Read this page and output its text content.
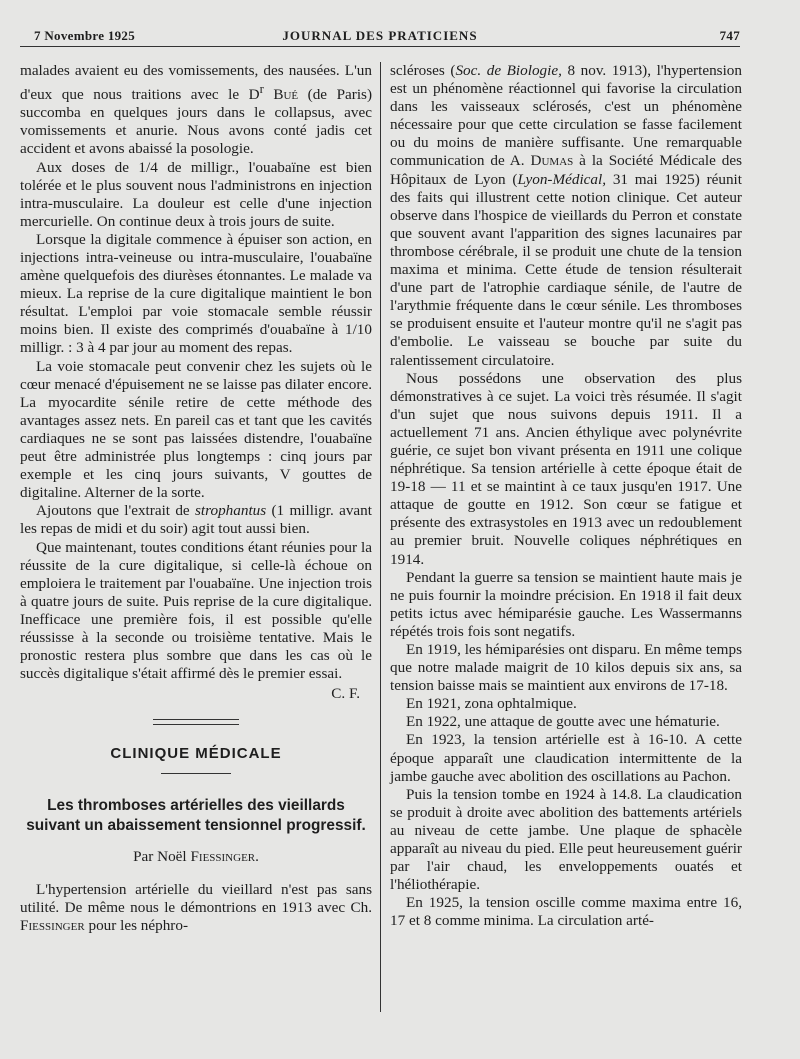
7 Novembre 1925	JOURNAL DES PRATICIENS	747

malades avaient eu des vomissements, des nausées. L'un d'eux que nous traitions avec le $D^r$ Bué (de Paris) succomba en quelques jours dans le collapsus, avec vomissements et anurie. Nous avons conté jadis cet accident et avons abaissé la posologie.

Aux doses de 1/4 de milligr., l'ouabaïne est bien tolérée et le plus souvent nous l'administrons en injection intra-musculaire. La douleur est celle d'une injection mercurielle. On continue deux à trois jours de suite.

Lorsque la digitale commence à épuiser son action, en injections intra-veineuse ou intra-musculaire, l'ouabaïne amène quelquefois des diurèses étonnantes. Le malade va mieux. La reprise de la cure digitalique maintient le bon résultat. L'emploi par voie stomacale semble réussir moins bien. Il existe des comprimés d'ouabaïne à 1/10 milligr. : 3 à 4 par jour au moment des repas.

La voie stomacale peut convenir chez les sujets où le cœur menacé d'épuisement ne se laisse pas dilater encore. La myocardite sénile retire de cette méthode des avantages assez nets. En pareil cas et tant que les cavités cardiaques ne se sont pas laissées distendre, l'ouabaïne peut être administrée plus longtemps : cinq jours par exemple et les cinq jours suivants, V gouttes de digitaline. Alterner de la sorte.

Ajoutons que l'extrait de strophantus (1 milligr. avant les repas de midi et du soir) agit tout aussi bien.

Que maintenant, toutes conditions étant réunies pour la réussite de la cure digitalique, si celle-là échoue on emploiera le traitement par l'ouabaïne. Une injection trois à quatre jours de suite. Puis reprise de la cure digitalique. Inefficace une première fois, il est possible qu'elle réussisse à la seconde ou troisième tentative. Mais le pronostic restera plus sombre que dans les cas où le succès digitalique s'était affirmé dès le premier essai.

C. F.
CLINIQUE MÉDICALE
Les thromboses artérielles des vieillards suivant un abaissement tensionnel progressif.
Par Noël Fiessinger.

L'hypertension artérielle du vieillard n'est pas sans utilité. De même nous le démontrions en 1913 avec Ch. Fiessinger pour les néphro-

scléroses (Soc. de Biologie, 8 nov. 1913), l'hypertension est un phénomène réactionnel qui favorise la circulation dans les vaisseaux sclérosés, c'est un phénomène nécessaire pour que cette circulation se fasse facilement ou du moins de manière suffisante. Une remarquable communication de A. Dumas à la Société Médicale des Hôpitaux de Lyon (Lyon-Médical, 31 mai 1925) réunit des faits qui illustrent cette notion clinique. Cet auteur observe dans l'hospice de vieillards du Perron et constate que souvent avant l'apparition des signes lacunaires par thrombose cérébrale, il se produit une chute de la tension maxima et minima. Cette étude de tension résulterait d'une part de l'atrophie cardiaque sénile, de l'autre de l'arythmie fréquente dans le cœur sénile. Les thromboses se produisent ensuite et l'auteur montre qu'il ne s'agit pas d'embolie. Le vaisseau se bouche par suite du ralentissement circulatoire.

Nous possédons une observation des plus démonstratives à ce sujet. La voici très résumée. Il s'agit d'un sujet que nous suivons depuis 1911. Il a actuellement 71 ans. Ancien éthylique avec polynévrite guérie, ce sujet bon vivant présenta en 1911 une colique néphrétique. Sa tension artérielle à cette époque était de 19-18 — 11 et se maintint à ce taux jusqu'en 1917. Une attaque de goutte en 1912. Son cœur se fatigue et présente des extrasystoles en 1913 avec un redoublement au premier bruit. Nouvelle coliques néphrétiques en 1914.

Pendant la guerre sa tension se maintient haute mais je ne puis fournir la moindre précision. En 1918 il fait deux petits ictus avec hémiparésie gauche. Les Wassermanns répétés trois fois sont negatifs.

En 1919, les hémiparésies ont disparu. En même temps que notre malade maigrit de 10 kilos depuis six ans, sa tension baisse mais se maintient aux environs de 17-18.

En 1921, zona ophtalmique.

En 1922, une attaque de goutte avec une hématurie.

En 1923, la tension artérielle est à 16-10. A cette époque apparaît une claudication intermittente de la jambe gauche avec abolition des oscillations au Pachon.

Puis la tension tombe en 1924 à 14.8. La claudication se produit à droite avec abolition des battements artériels au niveau de cette jambe. Une plaque de sphacèle apparaît au niveau du pied. Elle peut heureusement guérir par l'air chaud, les enveloppements ouatés et l'héliothérapie.

En 1925, la tension oscille comme maxima entre 16, 17 et 8 comme minima. La circulation arté-
